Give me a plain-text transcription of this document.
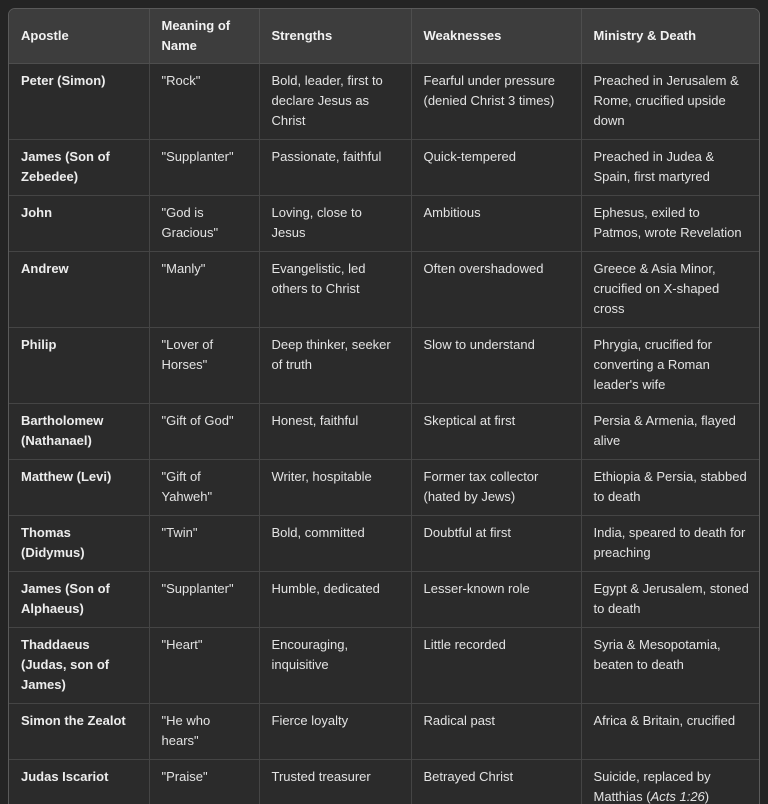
Apostle	Meaning of Name	Strengths	Weaknesses	Ministry & Death
Peter (Simon)	"Rock"	Bold, leader, first to declare Jesus as Christ	Fearful under pressure (denied Christ 3 times)	Preached in Jerusalem & Rome, crucified upside down
James (Son of Zebedee)	"Supplanter"	Passionate, faithful	Quick-tempered	Preached in Judea & Spain, first martyred
John	"God is Gracious"	Loving, close to Jesus	Ambitious	Ephesus, exiled to Patmos, wrote Revelation
Andrew	"Manly"	Evangelistic, led others to Christ	Often overshadowed	Greece & Asia Minor, crucified on X-shaped cross
Philip	"Lover of Horses"	Deep thinker, seeker of truth	Slow to understand	Phrygia, crucified for converting a Roman leader's wife
Bartholomew (Nathanael)	"Gift of God"	Honest, faithful	Skeptical at first	Persia & Armenia, flayed alive
Matthew (Levi)	"Gift of Yahweh"	Writer, hospitable	Former tax collector (hated by Jews)	Ethiopia & Persia, stabbed to death
Thomas (Didymus)	"Twin"	Bold, committed	Doubtful at first	India, speared to death for preaching
James (Son of Alphaeus)	"Supplanter"	Humble, dedicated	Lesser-known role	Egypt & Jerusalem, stoned to death
Thaddaeus (Judas, son of James)	"Heart"	Encouraging, inquisitive	Little recorded	Syria & Mesopotamia, beaten to death
Simon the Zealot	"He who hears"	Fierce loyalty	Radical past	Africa & Britain, crucified
Judas Iscariot	"Praise"	Trusted treasurer	Betrayed Christ	Suicide, replaced by Matthias (Acts 1:26)
